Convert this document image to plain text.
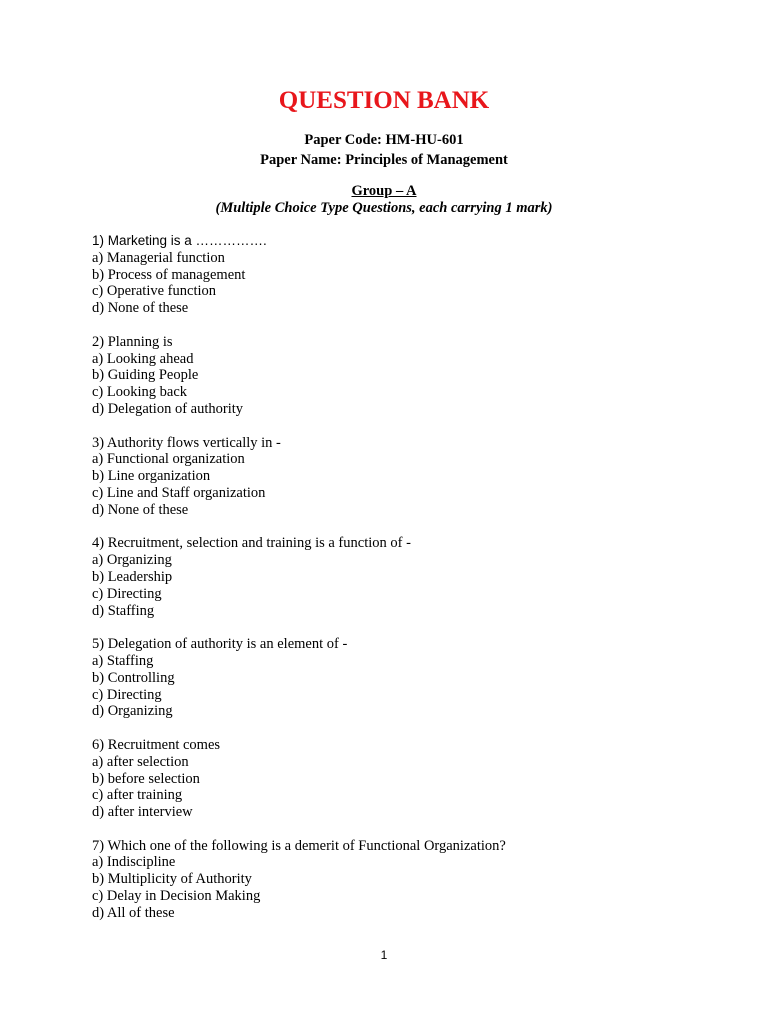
QUESTION BANK
Paper Code: HM-HU-601
Paper Name: Principles of Management
Group – A
(Multiple Choice Type Questions, each carrying 1 mark)
1) Marketing is a …………….
a) Managerial function
b) Process of management
c) Operative function
d) None of these
2) Planning is
a) Looking ahead
b) Guiding People
c) Looking back
d) Delegation of authority
3) Authority flows vertically in -
a) Functional organization
b) Line organization
c) Line and Staff organization
d) None of these
4) Recruitment, selection and training is a function of -
a) Organizing
b) Leadership
c) Directing
d) Staffing
5) Delegation of authority is an element of -
a) Staffing
b) Controlling
c) Directing
d) Organizing
6) Recruitment comes
a) after selection
b) before selection
c) after training
d) after interview
7) Which one of the following is a demerit of Functional Organization?
a) Indiscipline
b) Multiplicity of Authority
c) Delay in Decision Making
d) All of these
1
